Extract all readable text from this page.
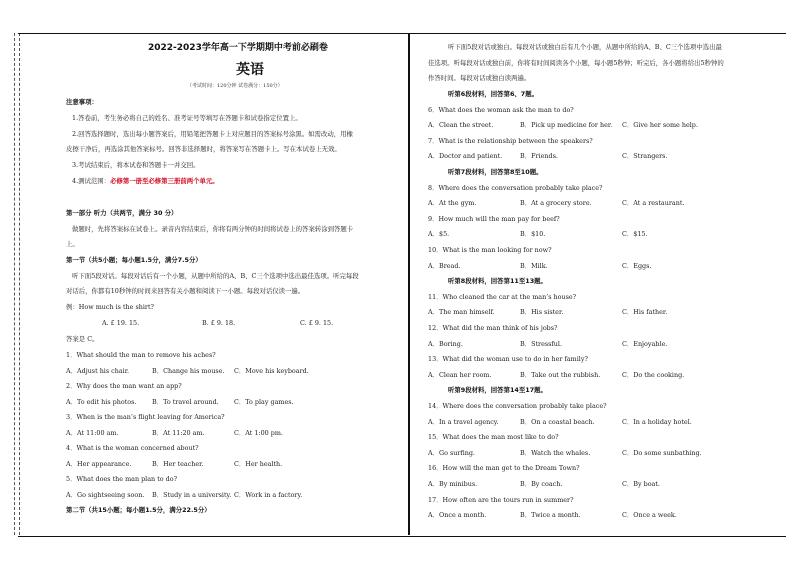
2022-2023学年高一下学期期中考前必刷卷
英语
（考试时间：120分钟 试卷满分：150分）
注意事项：
1.答卷前，考生务必将自己的姓名、准考证号等填写在答题卡和试卷指定位置上。
2.回答选择题时，选出每小题答案后，用铅笔把答题卡上对应题目的答案标号涂黑。如需改动，用橡
皮擦干净后，再选涂其他答案标号。回答非选择题时，将答案写在答题卡上。写在本试卷上无效。
3.考试结束后，将本试卷和答题卡一并交回。
4.测试范围：必修第一册至必修第三册前两个单元。
第一部分 听力（共两节，满分 30 分）
做题时，先将答案标在试卷上。录音内容结束后，你将有两分钟的时间将试卷上的答案转涂到答题卡
上。
第一节（共5小题；每小题1.5分，满分7.5分）
听下面5段对话。每段对话后有一个小题，从题中所给的A、B、C三个选项中选出最佳选项。听完每段
对话后，你都有10秒钟的时间来回答有关小题和阅读下一小题。每段对话仅读一遍。
例：How much is the shirt?
A. £ 19. 15.	B. £ 9. 18.	C. £ 9. 15.
答案是 C。
1．What should the man to remove his aches?
A．Adjust his chair.	B．Change his mouse. C．Move his keyboard.
2．Why does the man want an app?
A．To edit his photos. B．To travel around. C．To play games.
3．When is the man’s flight leaving for America?
A．At 11:00 am.	B．At 11:20 am.	C．At 1:00 pm.
4．What is the woman concerned about?
A．Her appearance.	B．Her teacher.	C．Her health.
5．What does the man plan to do?
A．Go sightseeing soon. B．Study in a university. C．Work in a factory.
第二节（共15小题；每小题1.5分，满分22.5分）
听下面5段对话或独白。每段对话或独白后有几个小题，从题中所给的A、B、C三个选项中选出最
佳选项。听每段对话或独白前，你将有时间阅读各个小题，每小题5秒钟；听完后，各小题将给出5秒钟的
作答时间。每段对话或独白读两遍。
听第6段材料，回答第6、7题。
6．What does the woman ask the man to do?
A．Clean the street.	B．Pick up medicine for her. C．Give her some help.
7．What is the relationship between the speakers?
A．Doctor and patient.	B．Friends.	C．Strangers.
听第7段材料，回答第8至10题。
8．Where does the conversation probably take place?
A．At the gym.	B．At a grocery store.	C．At a restaurant.
9．How much will the man pay for beef?
A．$5.	B．$10.	C．$15.
10．What is the man looking for now?
A．Bread.	B．Milk.	C．Eggs.
听第8段材料，回答第11至13题。
11．Who cleaned the car at the man’s house?
A．The man himself.	B．His sister.	C．His father.
12．What did the man think of his jobs?
A．Boring.	B．Stressful.	C．Enjoyable.
13．What did the woman use to do in her family?
A．Clean her room.	B．Take out the rubbish.	C．Do the cooking.
听第9段材料，回答第14至17题。
14．Where does the conversation probably take place?
A．In a travel agency.	B．On a coastal beach.	C．In a holiday hotel.
15．What does the man most like to do?
A．Go surfing.	B．Watch the whales.	C．Do some sunbathing.
16．How will the man get to the Dream Town?
A．By minibus.	B．By coach.	C．By boat.
17．How often are the tours run in summer?
A．Once a month.	B．Twice a month.	C．Once a week.
